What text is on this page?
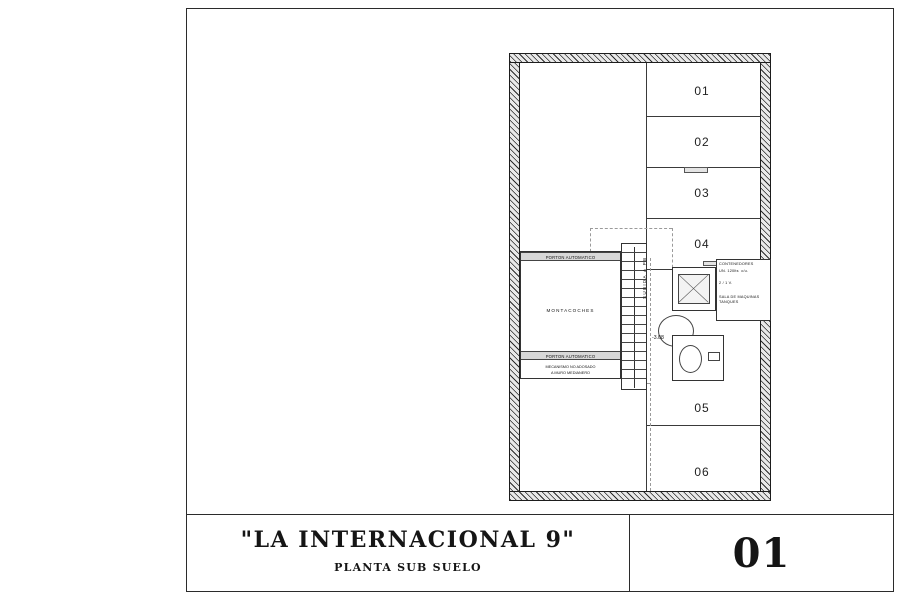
01
02
03
04
05
06
PORTON AUTOMATICO
MONTACOCHES
PORTON AUTOMATICO
MECANISMO NO ADOSADO
A MURO MEDIANERO
SUBIDA A PB	CONTENEDORES
UN. 120lts  c/u.
2 / 1 V.
SALA DE MAQUINAS
TANQUES
-3.08
"LA INTERNACIONAL 9"
PLANTA SUB SUELO	01
